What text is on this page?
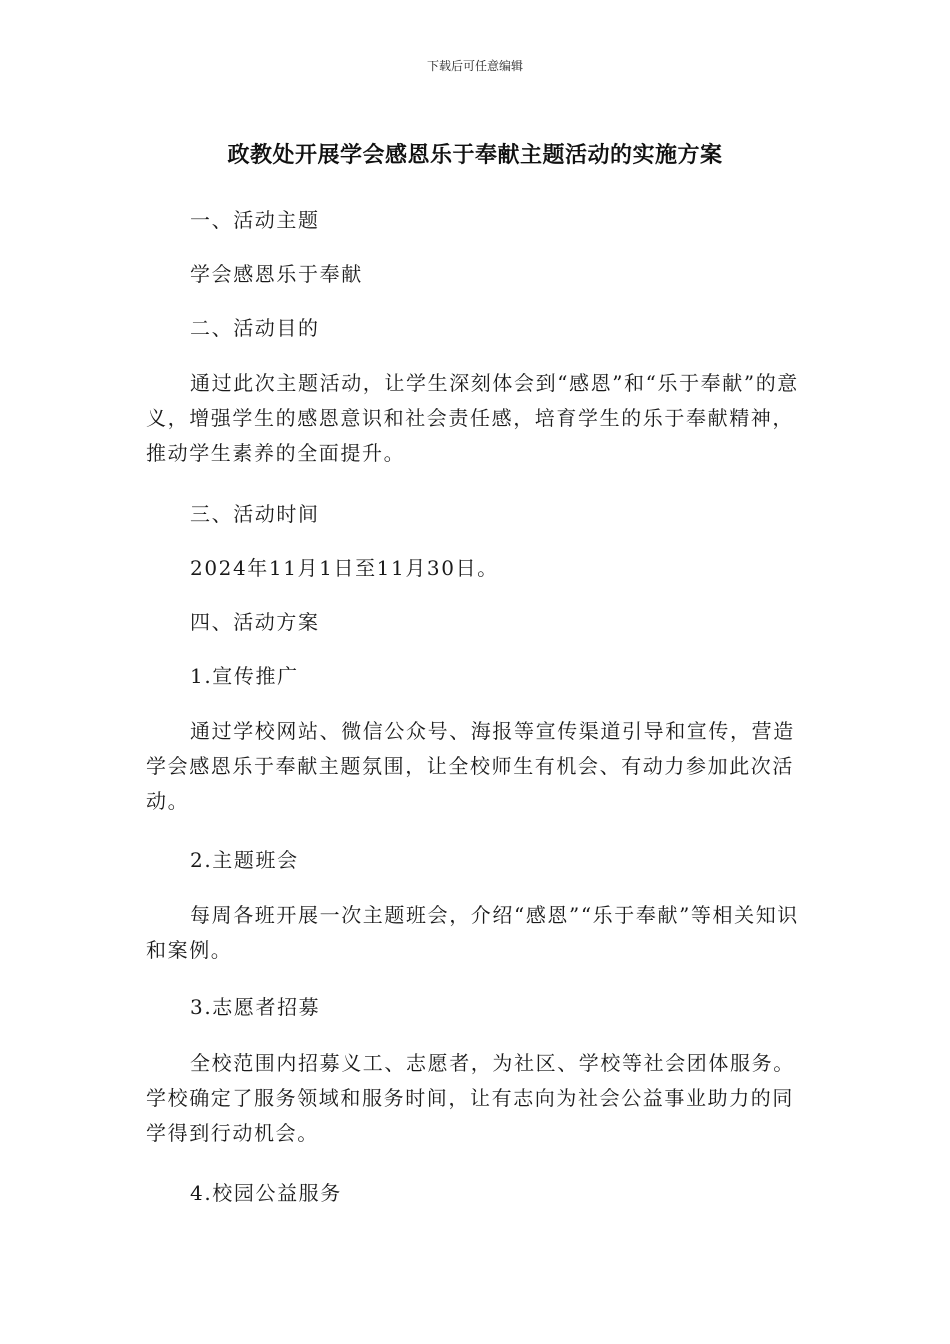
下载后可任意编辑
政教处开展学会感恩乐于奉献主题活动的实施方案

一、活动主题

学会感恩乐于奉献

二、活动目的

通过此次主题活动，让学生深刻体会到“感恩”和“乐于奉献”的意义，增强学生的感恩意识和社会责任感，培育学生的乐于奉献精神，推动学生素养的全面提升。

三、活动时间

2024年11月1日至11月30日。

四、活动方案

1.宣传推广

通过学校网站、微信公众号、海报等宣传渠道引导和宣传，营造学会感恩乐于奉献主题氛围，让全校师生有机会、有动力参加此次活动。

2.主题班会

每周各班开展一次主题班会，介绍“感恩”“乐于奉献”等相关知识和案例。

3.志愿者招募

全校范围内招募义工、志愿者，为社区、学校等社会团体服务。学校确定了服务领域和服务时间，让有志向为社会公益事业助力的同学得到行动机会。

4.校园公益服务
